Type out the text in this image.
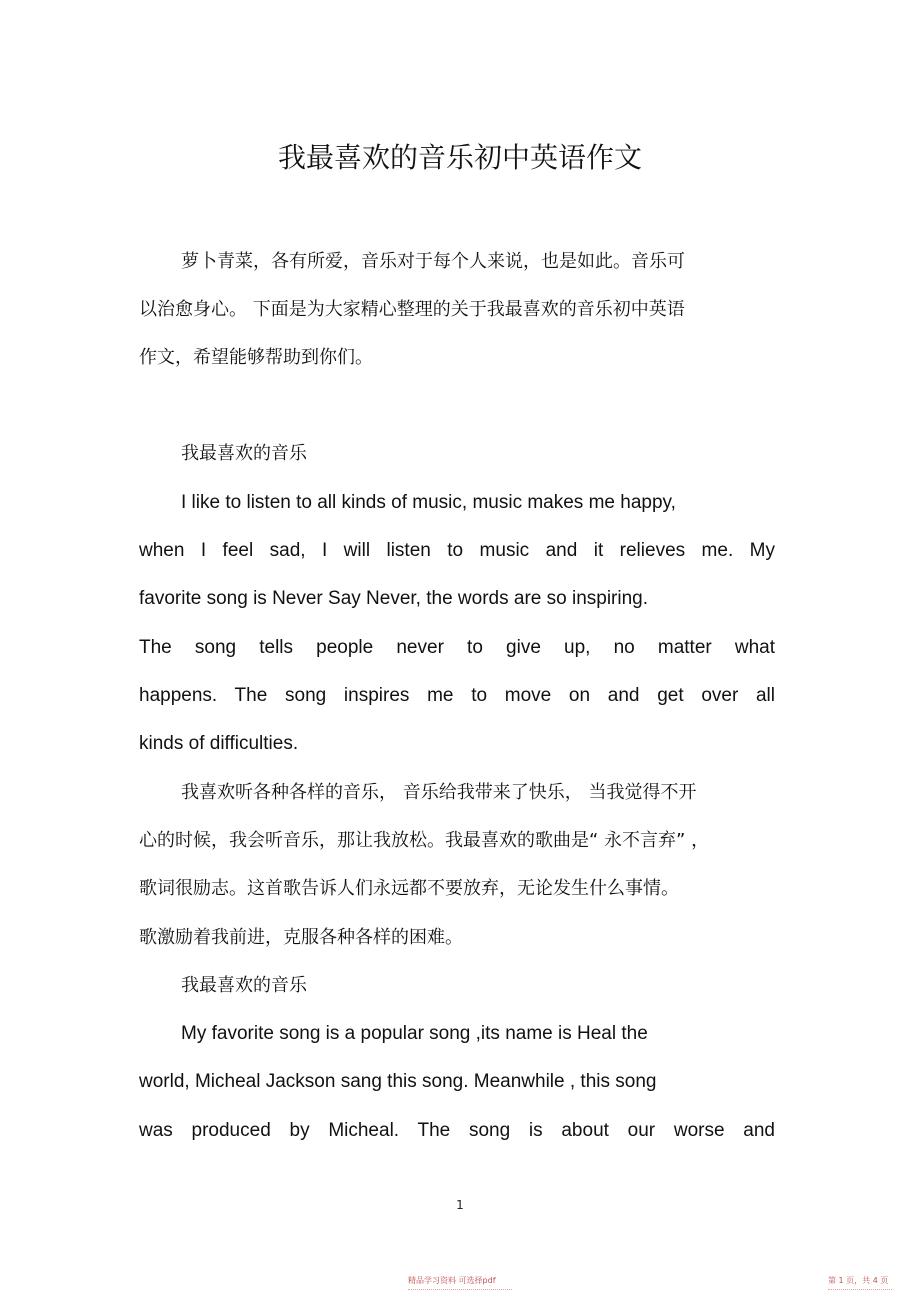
我最喜欢的音乐初中英语作文
萝卜青菜，各有所爱，音乐对于每个人来说，也是如此。音乐可
以治愈身心。 下面是为大家精心整理的关于我最喜欢的音乐初中英语
作文，希望能够帮助到你们。
我最喜欢的音乐
I like to listen to all kinds of music, music makes me happy,
when I feel sad, I will listen to music and it relieves me. My
favorite song is Never Say Never, the words are so inspiring.
The song tells people never to give up, no matter what
happens. The song inspires me to move on and get over all
kinds of difficulties.
我喜欢听各种各样的音乐， 音乐给我带来了快乐， 当我觉得不开
心的时候，我会听音乐，那让我放松。我最喜欢的歌曲是“ 永不言弃” ，
歌词很励志。这首歌告诉人们永远都不要放弃，无论发生什么事情。
歌激励着我前进，克服各种各样的困难。
我最喜欢的音乐
My favorite song is a popular song ,its name is Heal the
world, Micheal Jackson sang this song. Meanwhile , this song
was produced by Micheal. The song is about our worse and
1
精品学习资料 可选择pdf	第 1 页，共 4 页
